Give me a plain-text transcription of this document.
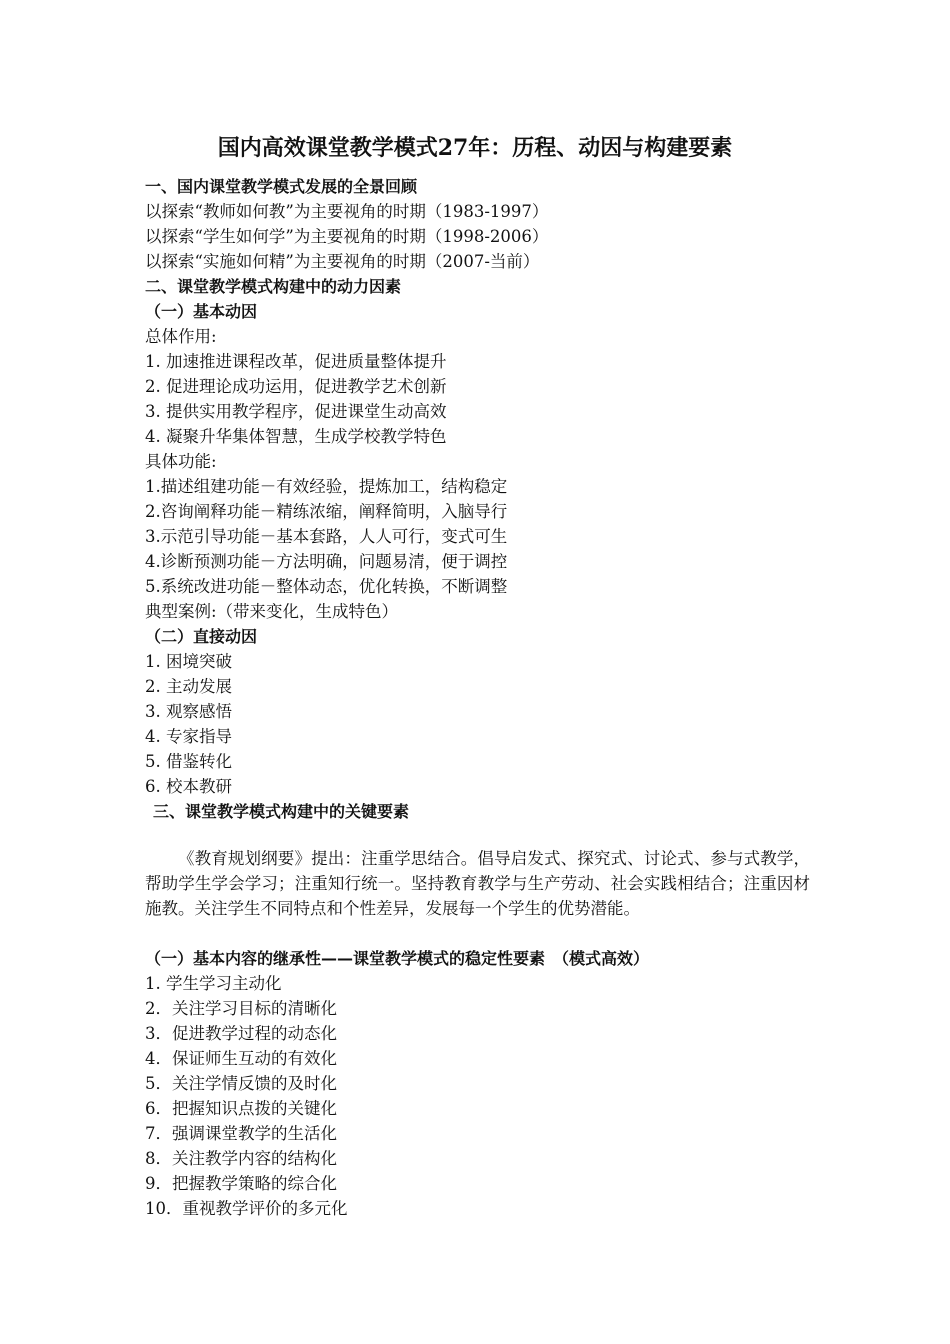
国内高效课堂教学模式27年：历程、动因与构建要素
一、国内课堂教学模式发展的全景回顾
以探索“教师如何教”为主要视角的时期（1983-1997）
以探索“学生如何学”为主要视角的时期（1998-2006）
以探索“实施如何精”为主要视角的时期（2007-当前）
二、课堂教学模式构建中的动力因素
（一）基本动因
总体作用:
1. 加速推进课程改革，促进质量整体提升
2. 促进理论成功运用，促进教学艺术创新
3. 提供实用教学程序，促进课堂生动高效
4. 凝聚升华集体智慧，生成学校教学特色
具体功能:
1.描述组建功能－有效经验，提炼加工，结构稳定
2.咨询阐释功能－精练浓缩，阐释简明，入脑导行
3.示范引导功能－基本套路，人人可行，变式可生
4.诊断预测功能－方法明确，问题易清，便于调控
5.系统改进功能－整体动态，优化转换，不断调整
典型案例:（带来变化，生成特色）
（二）直接动因
1. 困境突破
2. 主动发展
3. 观察感悟
4. 专家指导
5. 借鉴转化
6. 校本教研
三、课堂教学模式构建中的关键要素
《教育规划纲要》提出：注重学思结合。倡导启发式、探究式、讨论式、参与式教学，帮助学生学会学习；注重知行统一。坚持教育教学与生产劳动、社会实践相结合；注重因材施教。关注学生不同特点和个性差异，发展每一个学生的优势潜能。
（一）基本内容的继承性——课堂教学模式的稳定性要素　（模式高效）
1. 学生学习主动化
2．关注学习目标的清晰化
3．促进教学过程的动态化
4．保证师生互动的有效化
5．关注学情反馈的及时化
6．把握知识点拨的关键化
7．强调课堂教学的生活化
8．关注教学内容的结构化
9．把握教学策略的综合化
10．重视教学评价的多元化
